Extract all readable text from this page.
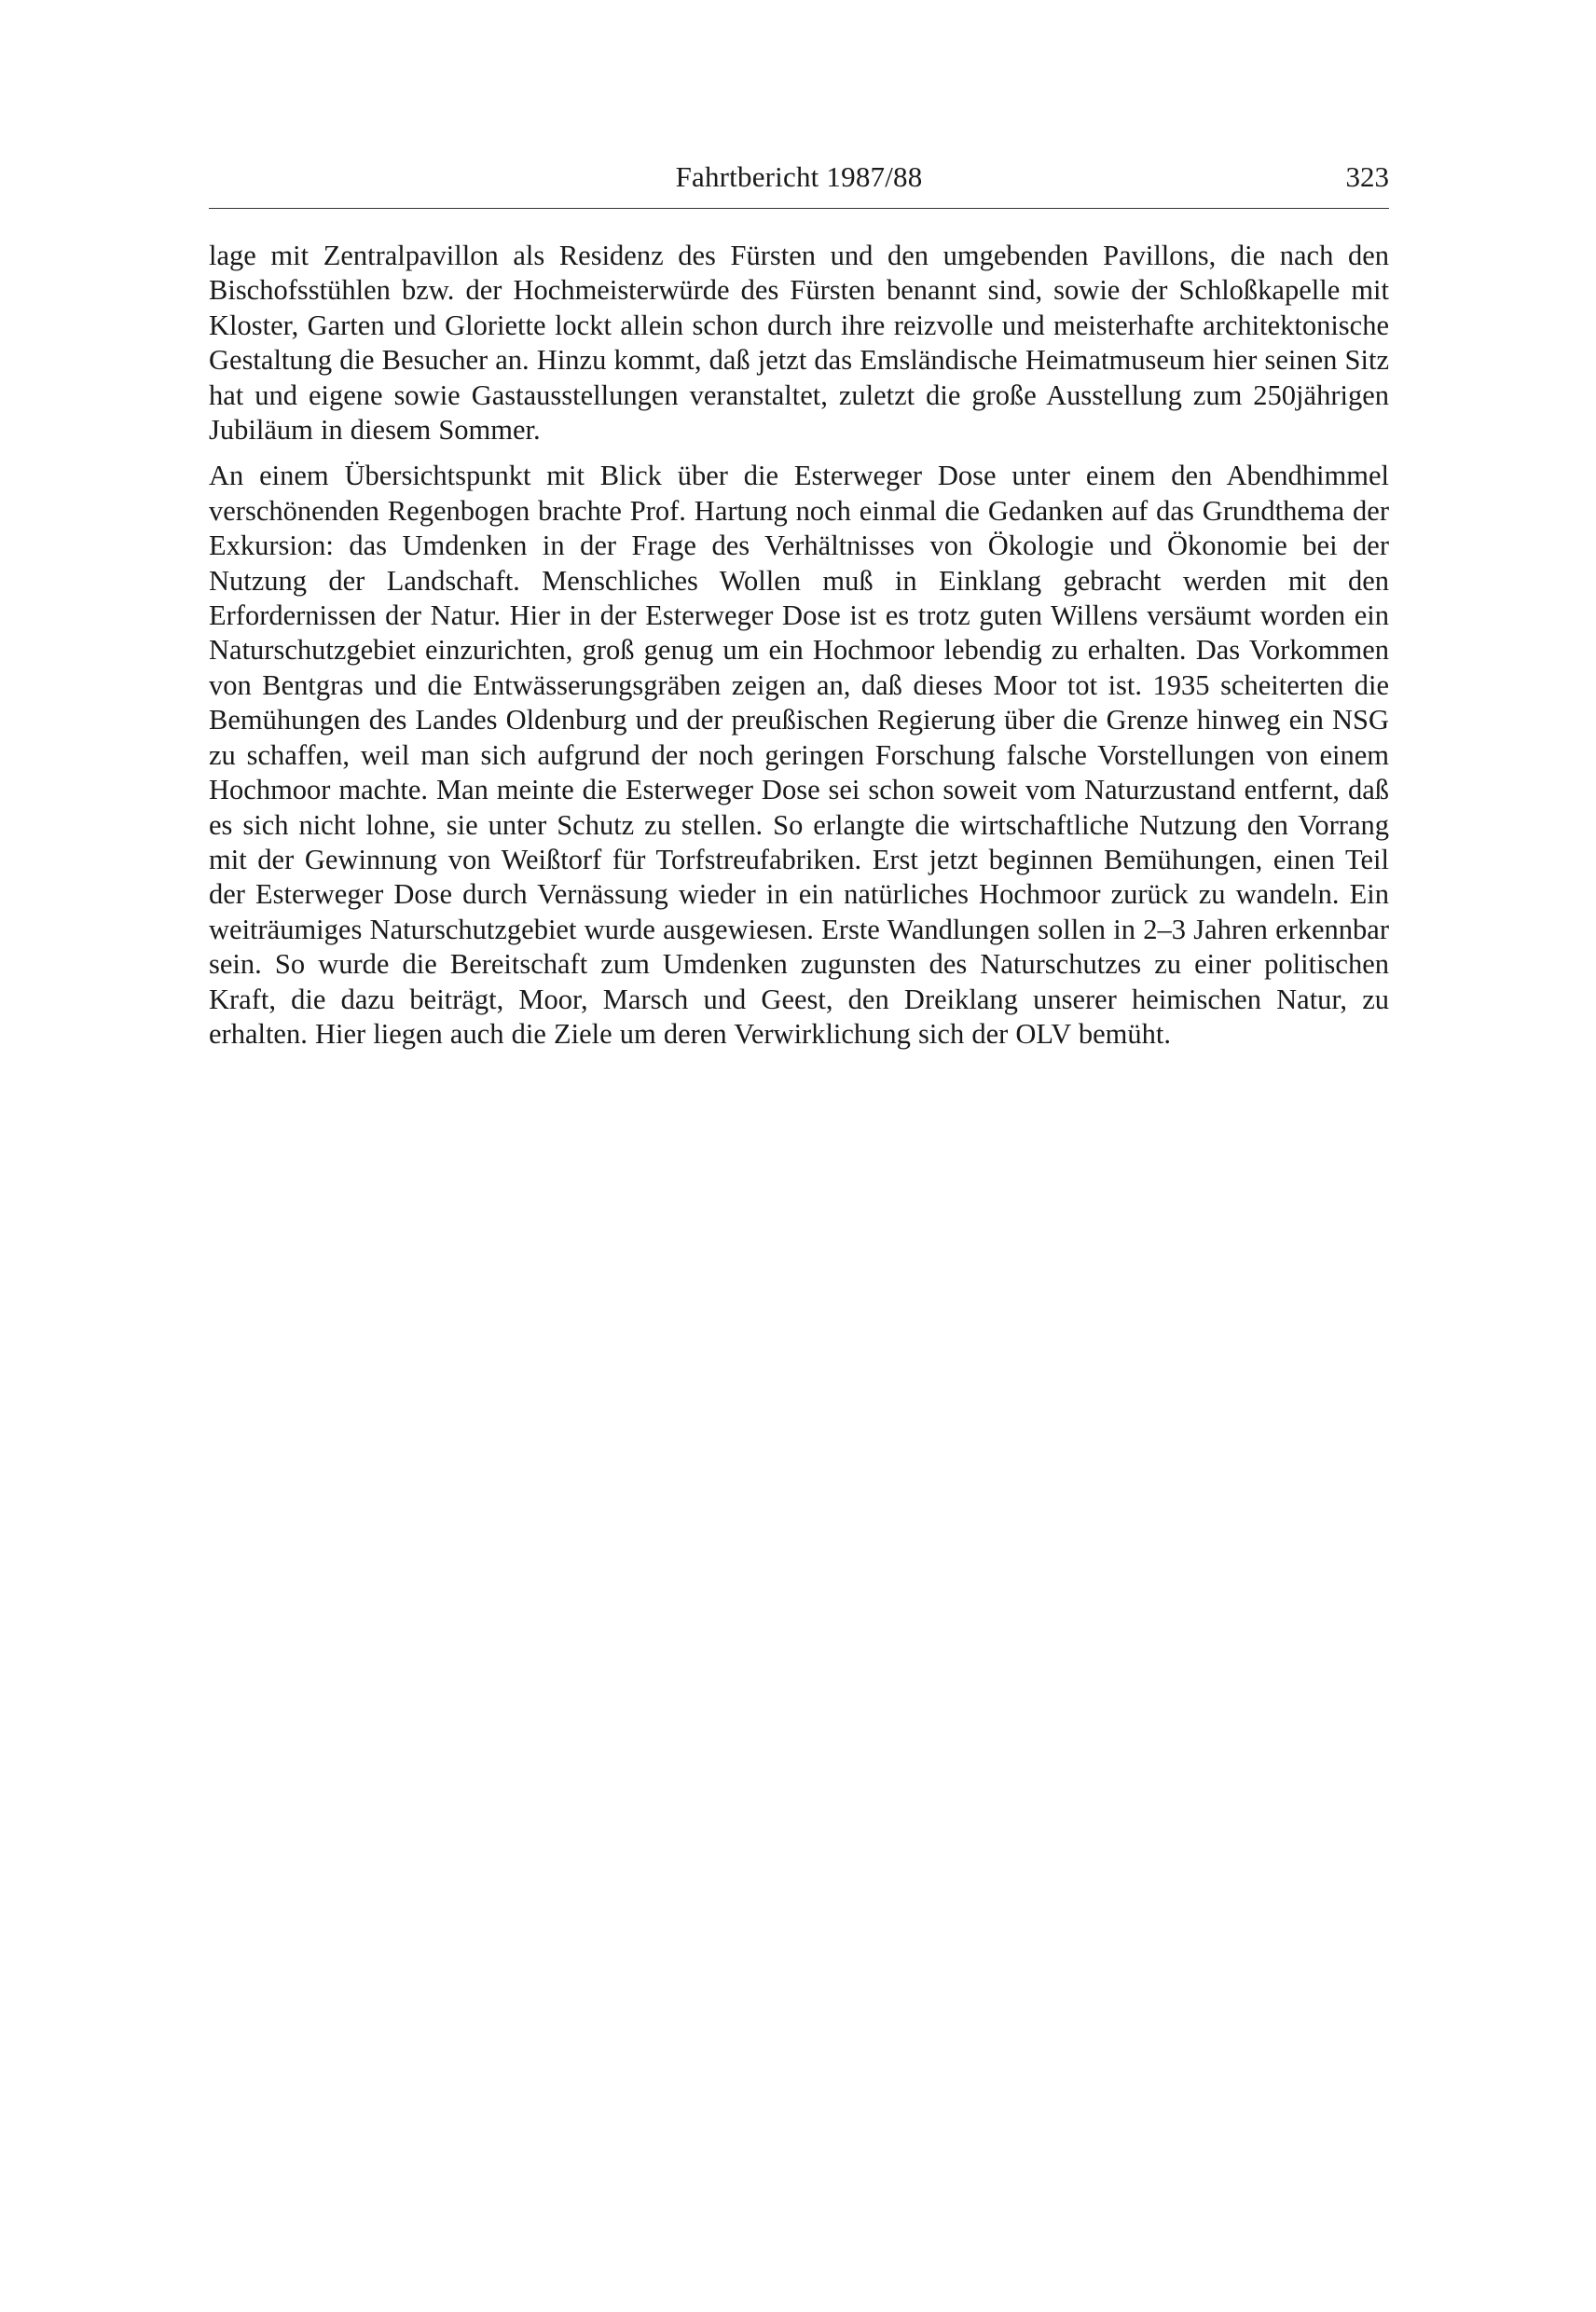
Fahrtbericht 1987/88	323

lage mit Zentralpavillon als Residenz des Fürsten und den umgebenden Pavillons, die nach den Bischofsstühlen bzw. der Hochmeisterwürde des Fürsten benannt sind, sowie der Schloßkapelle mit Kloster, Garten und Gloriette lockt allein schon durch ihre reizvolle und meisterhafte architektonische Gestaltung die Besucher an. Hinzu kommt, daß jetzt das Emsländische Heimatmuseum hier seinen Sitz hat und eigene sowie Gastausstellungen veranstaltet, zuletzt die große Ausstellung zum 250jährigen Jubiläum in diesem Sommer.

An einem Übersichtspunkt mit Blick über die Esterweger Dose unter einem den Abendhimmel verschönenden Regenbogen brachte Prof. Hartung noch einmal die Gedanken auf das Grundthema der Exkursion: das Umdenken in der Frage des Verhältnisses von Ökologie und Ökonomie bei der Nutzung der Landschaft. Menschliches Wollen muß in Einklang gebracht werden mit den Erfordernissen der Natur. Hier in der Esterweger Dose ist es trotz guten Willens versäumt worden ein Naturschutzgebiet einzurichten, groß genug um ein Hochmoor lebendig zu erhalten. Das Vorkommen von Bentgras und die Entwässerungsgräben zeigen an, daß dieses Moor tot ist. 1935 scheiterten die Bemühungen des Landes Oldenburg und der preußischen Regierung über die Grenze hinweg ein NSG zu schaffen, weil man sich aufgrund der noch geringen Forschung falsche Vorstellungen von einem Hochmoor machte. Man meinte die Esterweger Dose sei schon soweit vom Naturzustand entfernt, daß es sich nicht lohne, sie unter Schutz zu stellen. So erlangte die wirtschaftliche Nutzung den Vorrang mit der Gewinnung von Weißtorf für Torfstreufabriken. Erst jetzt beginnen Bemühungen, einen Teil der Esterweger Dose durch Vernässung wieder in ein natürliches Hochmoor zurück zu wandeln. Ein weiträumiges Naturschutzgebiet wurde ausgewiesen. Erste Wandlungen sollen in 2–3 Jahren erkennbar sein. So wurde die Bereitschaft zum Umdenken zugunsten des Naturschutzes zu einer politischen Kraft, die dazu beiträgt, Moor, Marsch und Geest, den Dreiklang unserer heimischen Natur, zu erhalten. Hier liegen auch die Ziele um deren Verwirklichung sich der OLV bemüht.
